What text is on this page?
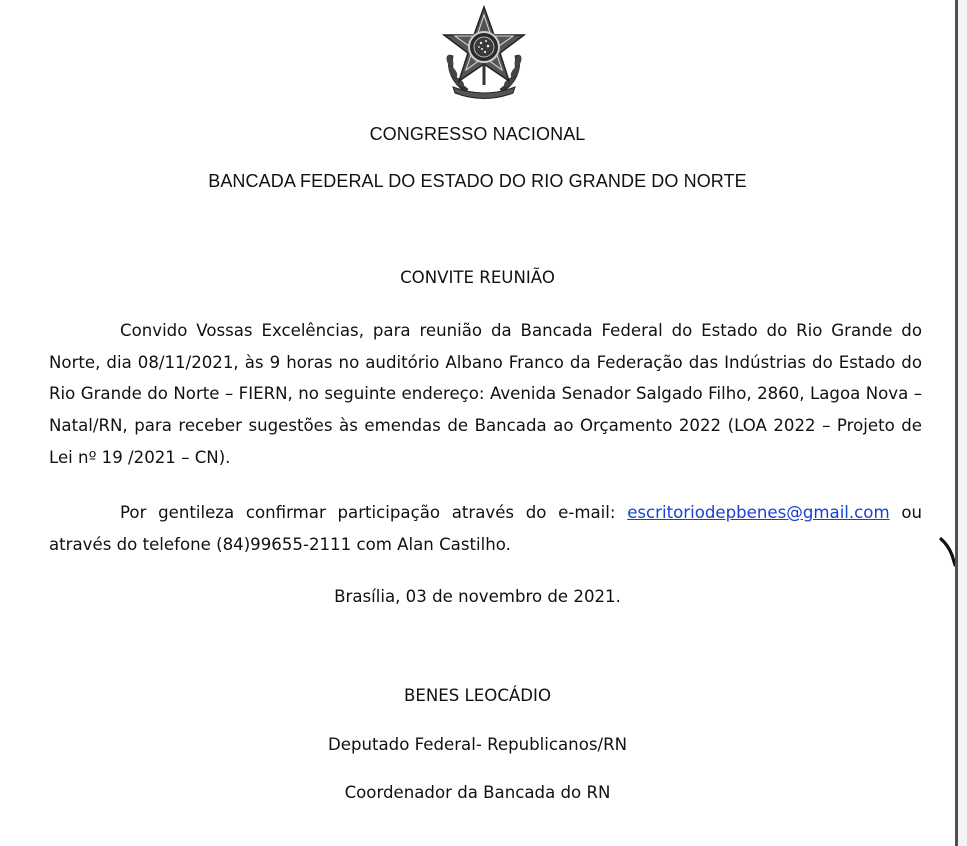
CONGRESSO NACIONAL
BANCADA FEDERAL DO ESTADO DO RIO GRANDE DO NORTE
CONVITE REUNIÃO

Convido Vossas Excelências, para reunião da Bancada Federal do Estado do Rio Grande do Norte, dia 08/11/2021, às 9 horas no auditório Albano Franco da Federação das Indústrias do Estado do Rio Grande do Norte – FIERN, no seguinte endereço: Avenida Senador Salgado Filho, 2860, Lagoa Nova – Natal/RN, para receber sugestões às emendas de Bancada ao Orçamento 2022 (LOA 2022 – Projeto de Lei nº 19 /2021 – CN).

Por gentileza confirmar participação através do e-mail: escritoriodepbenes@gmail.com ou através do telefone (84)99655-2111 com Alan Castilho.

Brasília, 03 de novembro de 2021.
BENES LEOCÁDIO
Deputado Federal- Republicanos/RN
Coordenador da Bancada do RN
